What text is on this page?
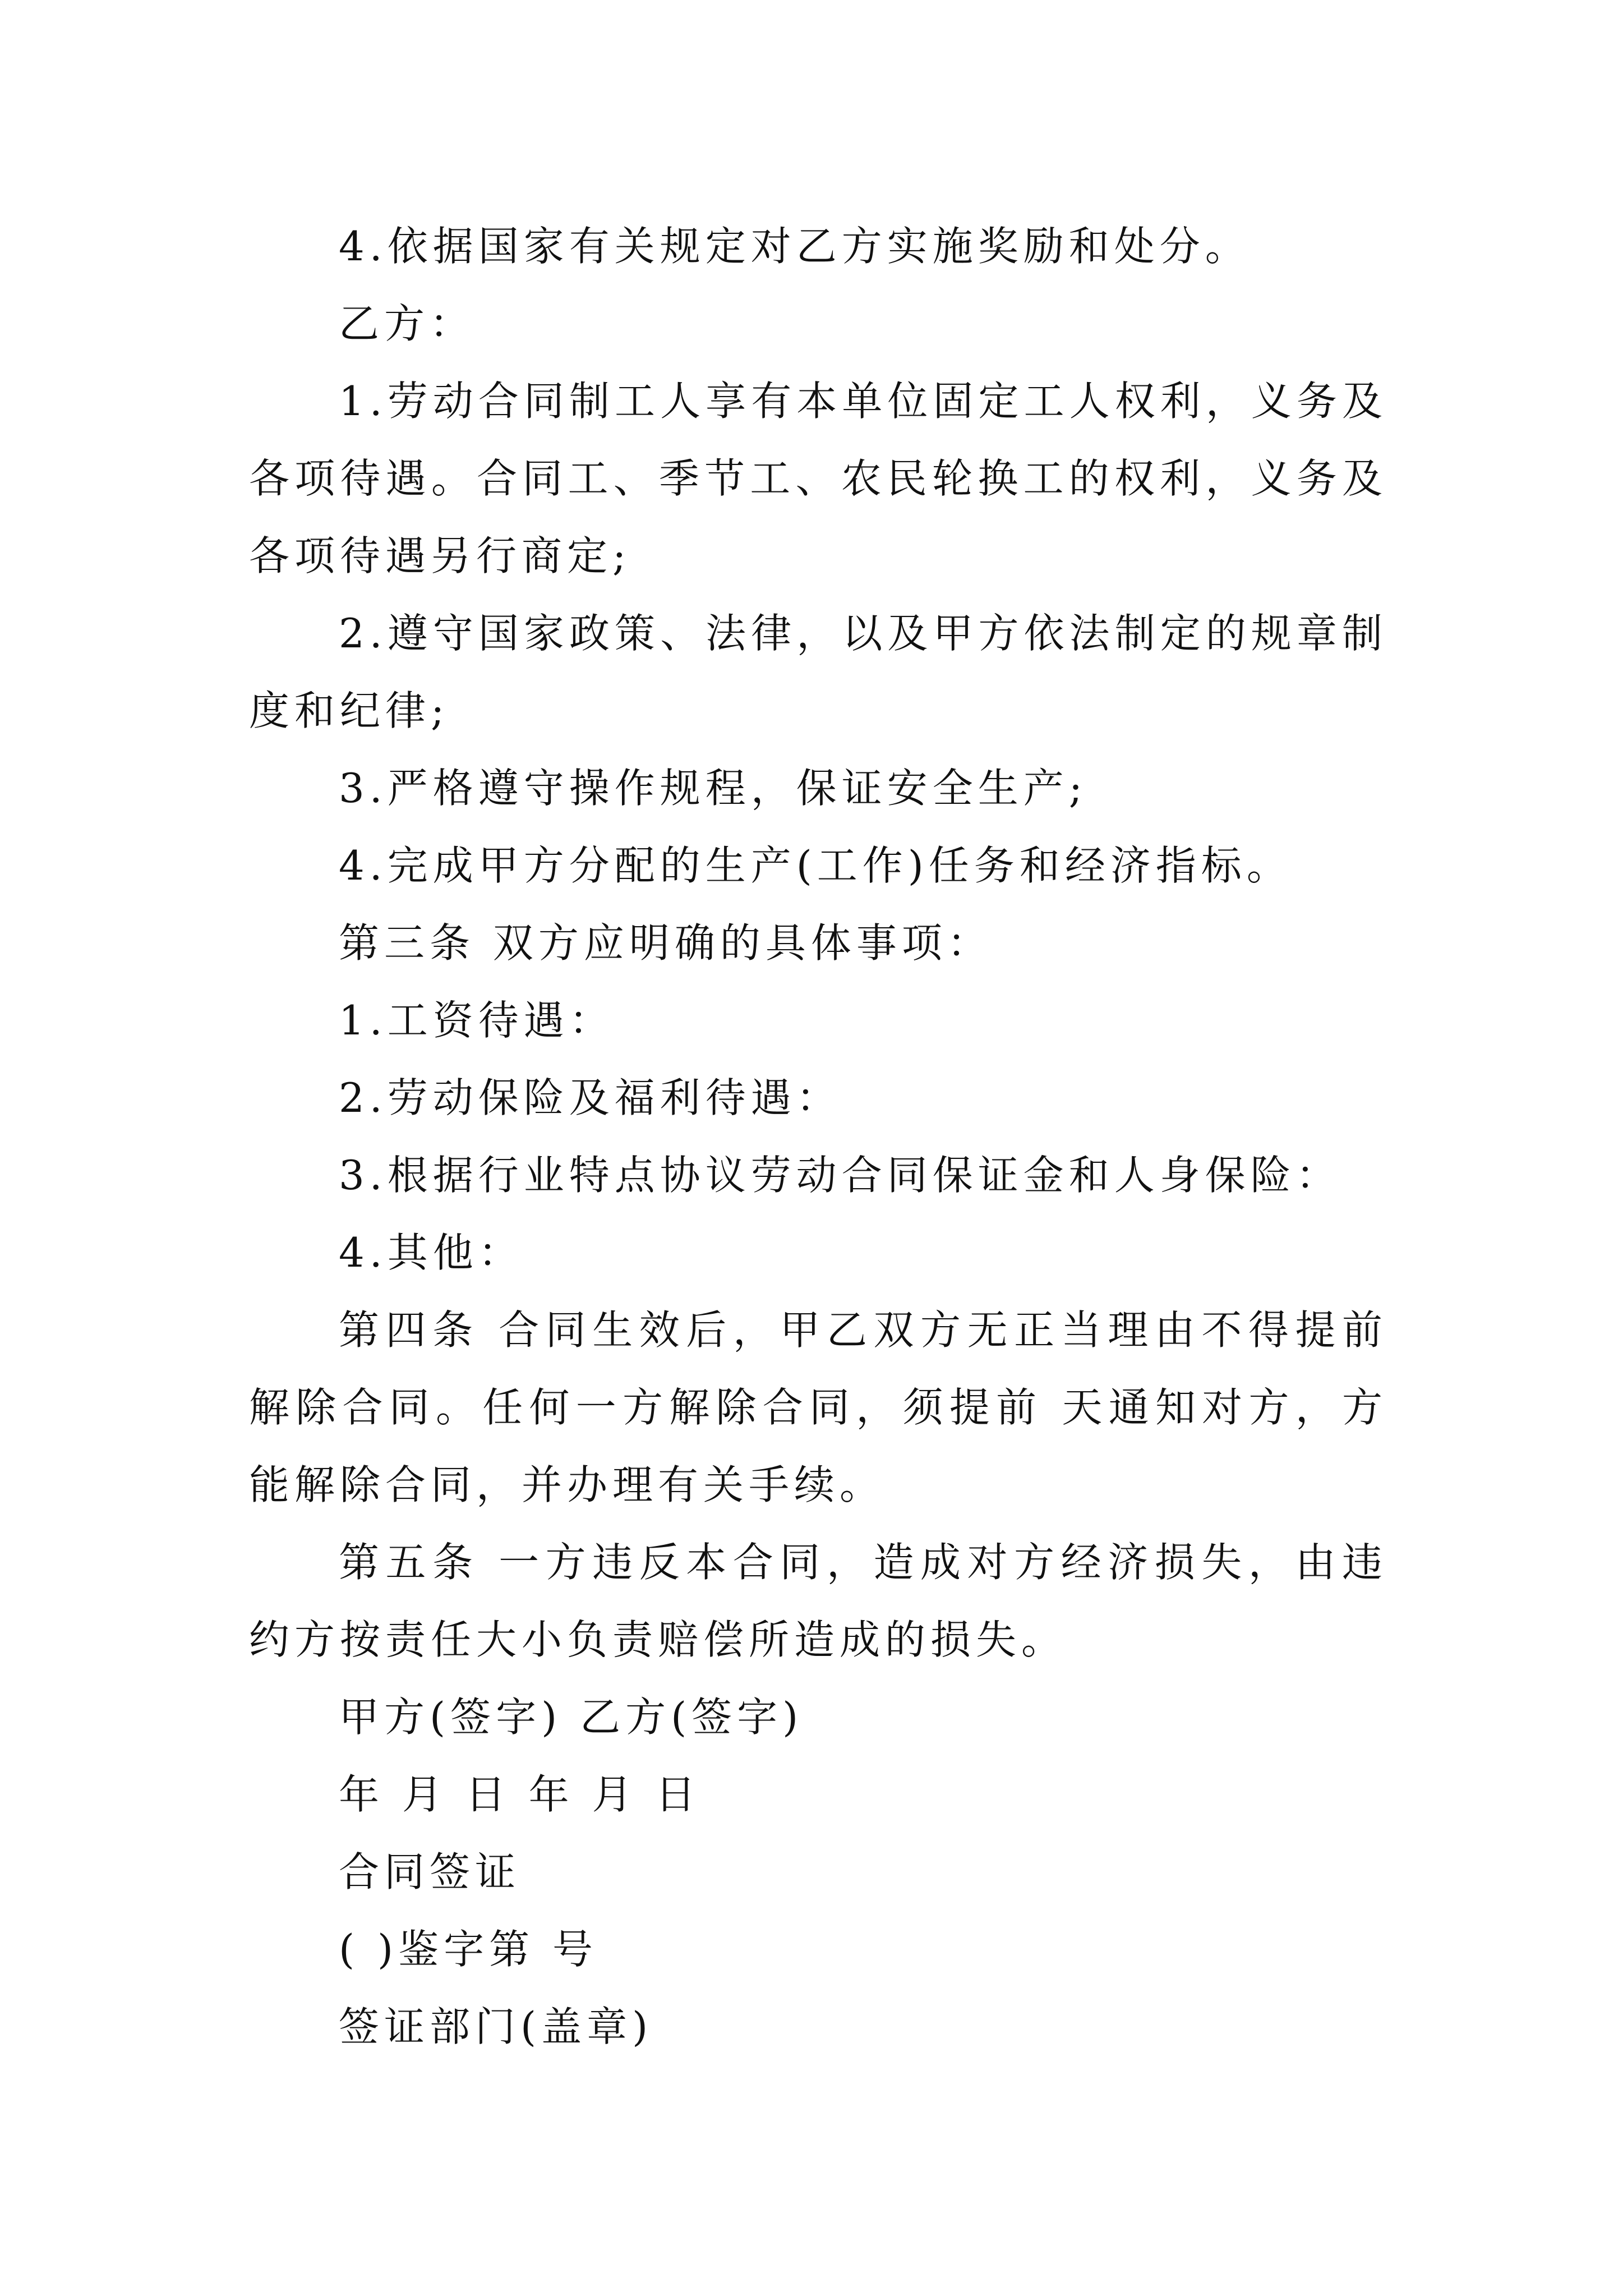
4.依据国家有关规定对乙方实施奖励和处分。

乙方：

1.劳动合同制工人享有本单位固定工人权利，义务及各项待遇。合同工、季节工、农民轮换工的权利，义务及各项待遇另行商定;

2.遵守国家政策、法律，以及甲方依法制定的规章制度和纪律;

3.严格遵守操作规程，保证安全生产;

4.完成甲方分配的生产(工作)任务和经济指标。

第三条 双方应明确的具体事项：

1.工资待遇：

2.劳动保险及福利待遇：

3.根据行业特点协议劳动合同保证金和人身保险：

4.其他：

第四条 合同生效后，甲乙双方无正当理由不得提前解除合同。任何一方解除合同，须提前 天通知对方，方能解除合同，并办理有关手续。

第五条 一方违反本合同，造成对方经济损失，由违约方按责任大小负责赔偿所造成的损失。

甲方(签字) 乙方(签字)

年 月 日 年 月 日

合同签证

( )鉴字第 号

签证部门(盖章)
